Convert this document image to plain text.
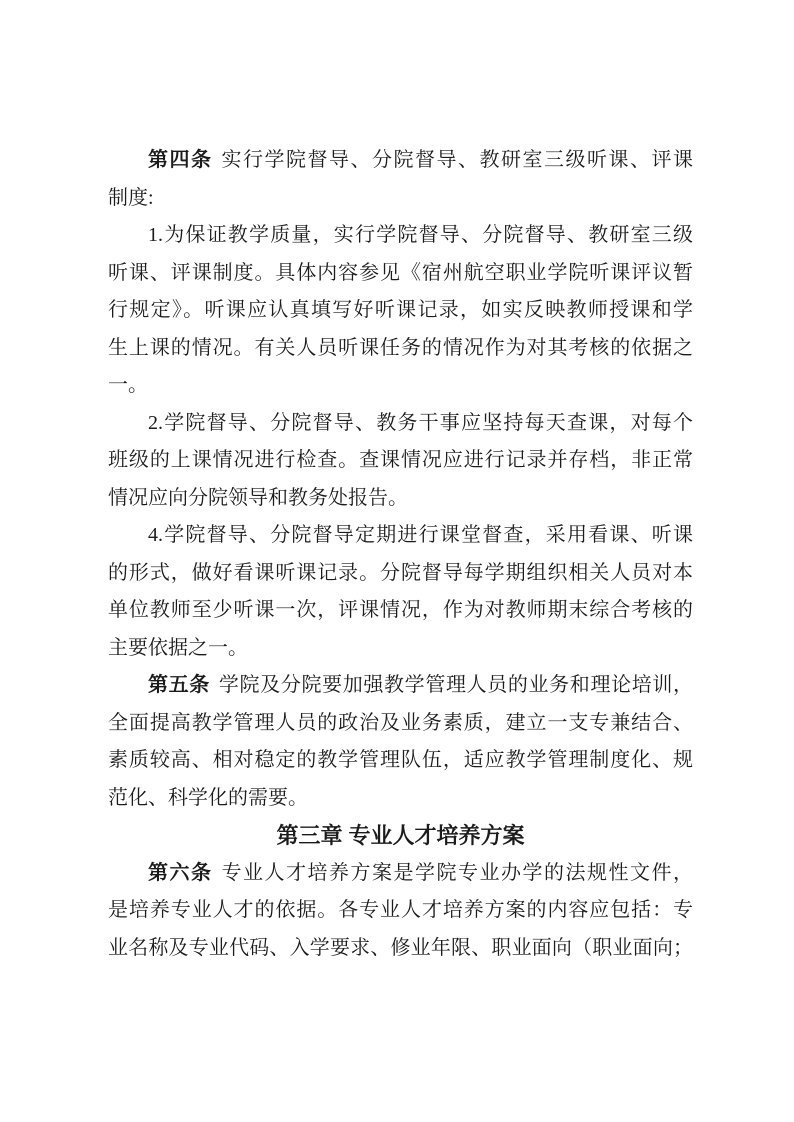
第四条 实行学院督导、分院督导、教研室三级听课、评课
制度:
1.为保证教学质量，实行学院督导、分院督导、教研室三级
听课、评课制度。具体内容参见《宿州航空职业学院听课评议暂
行规定》。听课应认真填写好听课记录，如实反映教师授课和学
生上课的情况。有关人员听课任务的情况作为对其考核的依据之
一。
2.学院督导、分院督导、教务干事应坚持每天查课，对每个
班级的上课情况进行检查。查课情况应进行记录并存档，非正常
情况应向分院领导和教务处报告。
4.学院督导、分院督导定期进行课堂督查，采用看课、听课
的形式，做好看课听课记录。分院督导每学期组织相关人员对本
单位教师至少听课一次，评课情况，作为对教师期末综合考核的
主要依据之一。
第五条 学院及分院要加强教学管理人员的业务和理论培训，
全面提高教学管理人员的政治及业务素质，建立一支专兼结合、
素质较高、相对稳定的教学管理队伍，适应教学管理制度化、规
范化、科学化的需要。
第三章 专业人才培养方案
第六条 专业人才培养方案是学院专业办学的法规性文件，
是培养专业人才的依据。各专业人才培养方案的内容应包括：专
业名称及专业代码、入学要求、修业年限、职业面向（职业面向；
